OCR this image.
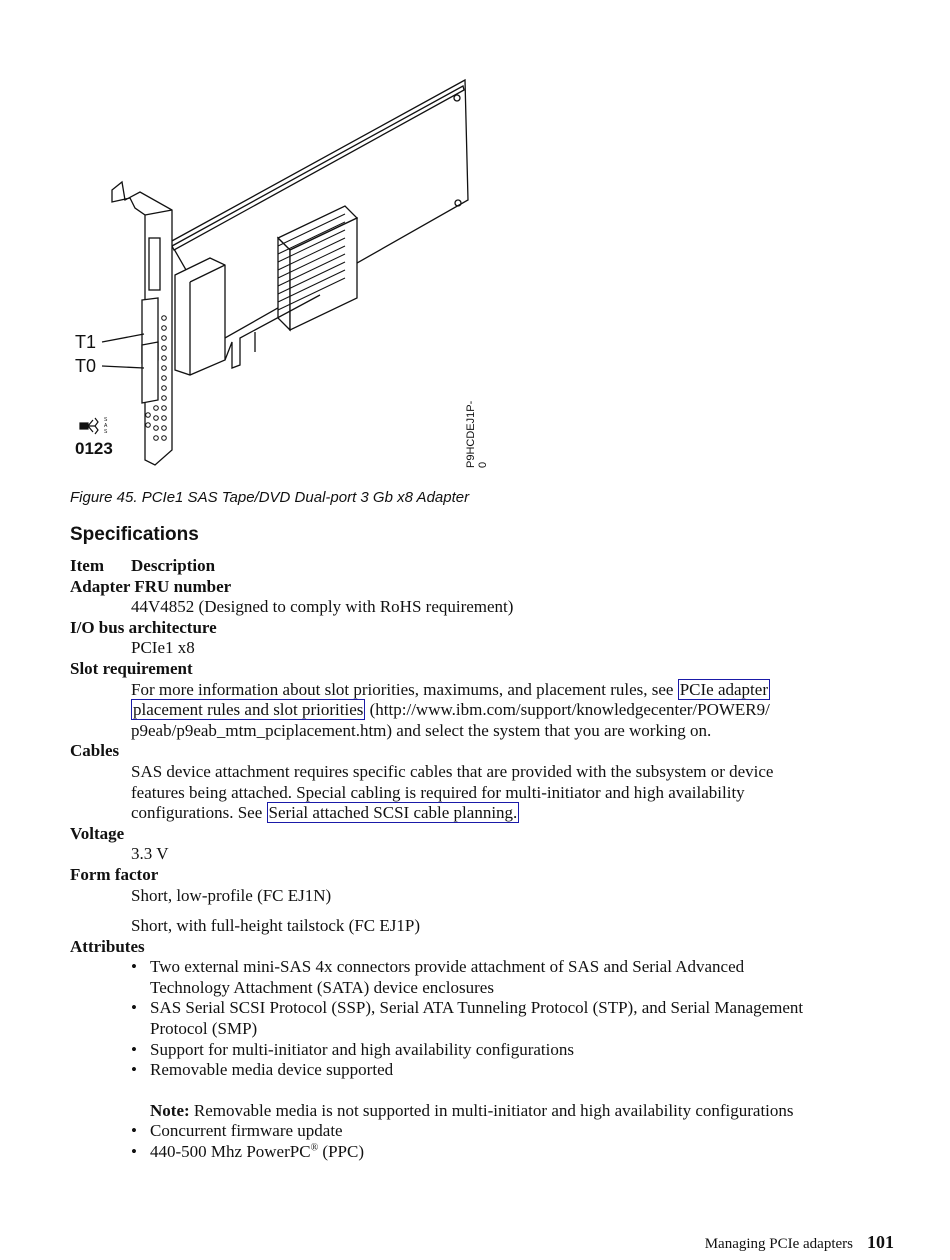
T1
T0
SAS
0123	P9HCDEJ1P-0
Figure 45. PCIe1 SAS Tape/DVD Dual-port 3 Gb x8 Adapter
Specifications

Item Description

Adapter FRU number

44V4852 (Designed to comply with RoHS requirement)

I/O bus architecture

PCIe1 x8

Slot requirement

For more information about slot priorities, maximums, and placement rules, see PCIe adapter
placement rules and slot priorities (http://www.ibm.com/support/knowledgecenter/POWER9/
p9eab/p9eab_mtm_pciplacement.htm) and select the system that you are working on.

Cables

SAS device attachment requires specific cables that are provided with the subsystem or device
features being attached. Special cabling is required for multi-initiator and high availability
configurations. See Serial attached SCSI cable planning.

Voltage

3.3 V

Form factor

Short, low-profile (FC EJ1N)

Short, with full-height tailstock (FC EJ1P)

Attributes

• Two external mini-SAS 4x connectors provide attachment of SAS and Serial Advanced
Technology Attachment (SATA) device enclosures
• SAS Serial SCSI Protocol (SSP), Serial ATA Tunneling Protocol (STP), and Serial Management
Protocol (SMP)
• Support for multi-initiator and high availability configurations
• Removable media device supported
Note: Removable media is not supported in multi-initiator and high availability configurations
• Concurrent firmware update
• 440-500 Mhz PowerPC® (PPC)
Managing PCIe adapters 101
